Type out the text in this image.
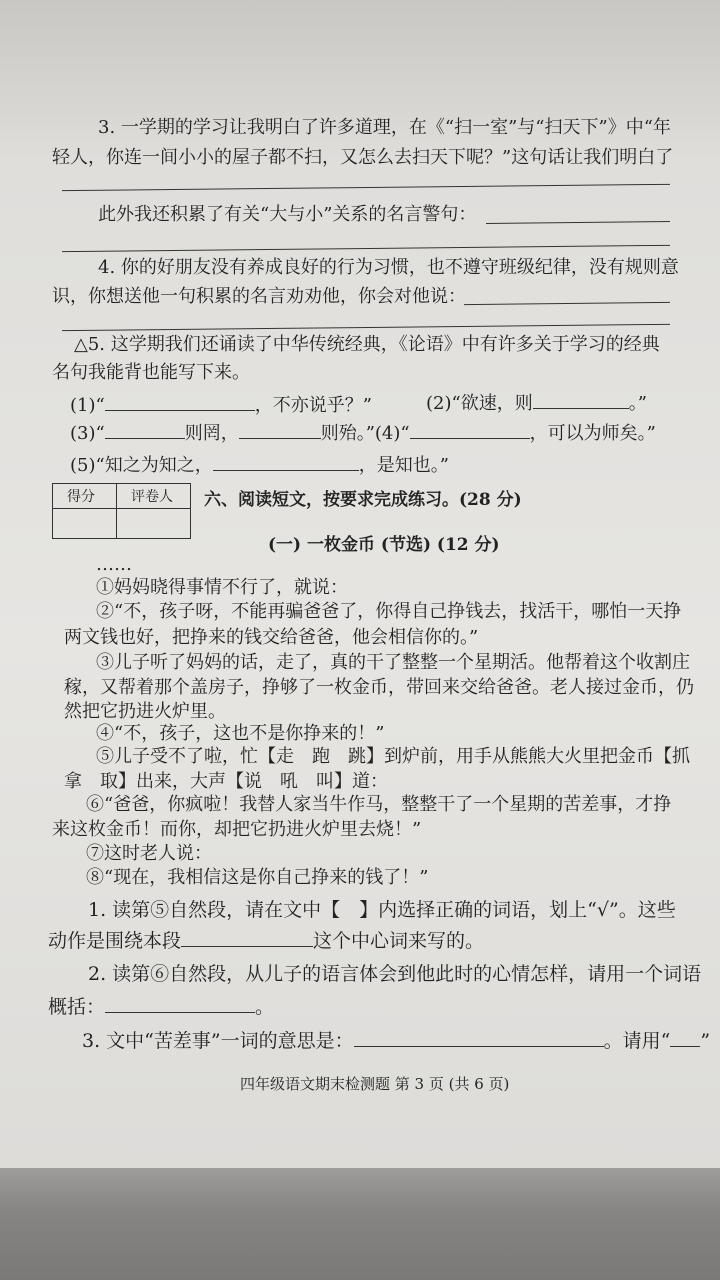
3. 一学期的学习让我明白了许多道理，在《“扫一室”与“扫天下”》中“年
轻人，你连一间小小的屋子都不扫，又怎么去扫天下呢？”这句话让我们明白了
此外我还积累了有关“大与小”关系的名言警句：
4. 你的好朋友没有养成良好的行为习惯，也不遵守班级纪律，没有规则意
识，你想送他一句积累的名言劝劝他，你会对他说：
△5. 这学期我们还诵读了中华传统经典，《论语》中有许多关于学习的经典
名句我能背也能写下来。
(1)“	，不亦说乎？”	(2)“欲速，则	。”
(3)“	则罔，	则殆。”(4)“	，可以为师矣。”
(5)“知之为知之，	，是知也。”
得分	评卷人 六、阅读短文，按要求完成练习。(28 分)
(一) 一枚金币 (节选) (12 分)
……
①妈妈晓得事情不行了，就说：
②“不，孩子呀，不能再骗爸爸了，你得自己挣钱去，找活干，哪怕一天挣
两文钱也好，把挣来的钱交给爸爸，他会相信你的。”
③儿子听了妈妈的话，走了，真的干了整整一个星期活。他帮着这个收割庄
稼，又帮着那个盖房子，挣够了一枚金币，带回来交给爸爸。老人接过金币，仍
然把它扔进火炉里。
④“不，孩子，这也不是你挣来的！”
⑤儿子受不了啦，忙【走　跑　跳】到炉前，用手从熊熊大火里把金币【抓
拿　取】出来，大声【说　吼　叫】道：
⑥“爸爸，你疯啦！我替人家当牛作马，整整干了一个星期的苦差事，才挣
来这枚金币！而你，却把它扔进火炉里去烧！”
⑦这时老人说：
⑧“现在，我相信这是你自己挣来的钱了！”
1. 读第⑤自然段，请在文中【　】内选择正确的词语，划上“√”。这些
动作是围绕本段	这个中心词来写的。
2. 读第⑥自然段，从儿子的语言体会到他此时的心情怎样，请用一个词语
概括：	。
3. 文中“苦差事”一词的意思是：	。请用“ ”
四年级语文期末检测题 第 3 页 (共 6 页)
